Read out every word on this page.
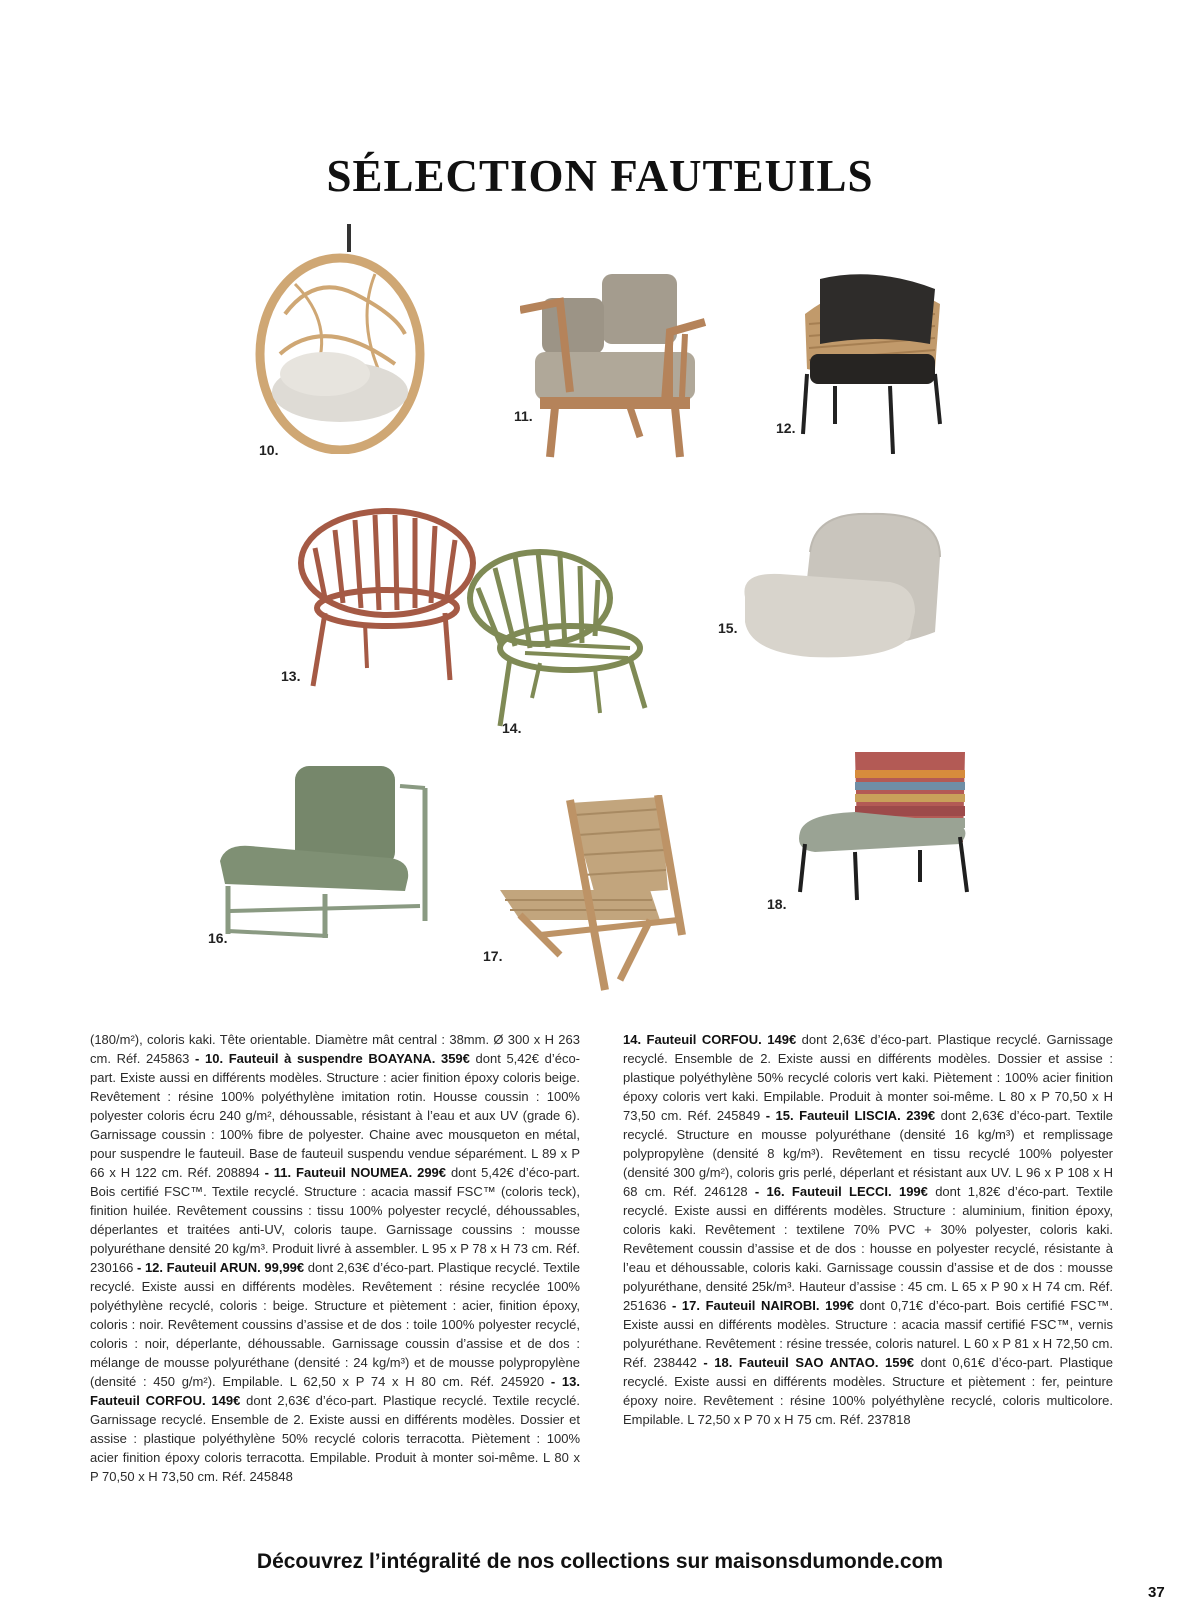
SÉLECTION FAUTEUILS
10.
11.
12.
13.
14.
15.
16.
17.
18.
(180/m²), coloris kaki. Tête orientable. Diamètre mât central : 38mm. Ø 300 x H 263 cm. Réf. 245863 - 10. Fauteuil à suspendre BOAYANA. 359€ dont 5,42€ d’éco-part. Existe aussi en différents modèles. Structure : acier finition époxy coloris beige. Revêtement : résine 100% polyéthylène imitation rotin. Housse coussin : 100% polyester coloris écru 240 g/m², déhoussable, résistant à l’eau et aux UV (grade 6). Garnissage coussin : 100% fibre de polyester. Chaine avec mousqueton en métal, pour suspendre le fauteuil. Base de fauteuil suspendu vendue séparément. L 89 x P 66 x H 122 cm. Réf. 208894 - 11. Fauteuil NOUMEA. 299€ dont 5,42€ d’éco-part. Bois certifié FSC™. Textile recyclé. Structure : acacia massif FSC™ (coloris teck), finition huilée. Revêtement coussins : tissu 100% polyester recyclé, déhoussables, déperlantes et traitées anti-UV, coloris taupe. Garnissage coussins : mousse polyuréthane densité 20 kg/m³. Produit livré à assembler. L 95 x P 78 x H 73 cm. Réf. 230166 - 12. Fauteuil ARUN. 99,99€ dont 2,63€ d’éco-part. Plastique recyclé. Textile recyclé. Existe aussi en différents modèles. Revêtement : résine recyclée 100% polyéthylène recyclé, coloris : beige. Structure et piètement : acier, finition époxy, coloris : noir. Revêtement coussins d’assise et de dos : toile 100% polyester recyclé, coloris : noir, déperlante, déhoussable. Garnissage coussin d’assise et de dos : mélange de mousse polyuréthane (densité : 24 kg/m³) et de mousse polypropylène (densité : 450 g/m²). Empilable. L 62,50 x P 74 x H 80 cm. Réf. 245920 - 13. Fauteuil CORFOU. 149€ dont 2,63€ d’éco-part. Plastique recyclé. Textile recyclé. Garnissage recyclé. Ensemble de 2. Existe aussi en différents modèles. Dossier et assise : plastique polyéthylène 50% recyclé coloris terracotta. Piètement : 100% acier finition époxy coloris terracotta. Empilable. Produit à monter soi-même. L 80 x P 70,50 x H 73,50 cm. Réf. 245848
14. Fauteuil CORFOU. 149€ dont 2,63€ d’éco-part. Plastique recyclé. Garnissage recyclé. Ensemble de 2. Existe aussi en différents modèles. Dossier et assise : plastique polyéthylène 50% recyclé coloris vert kaki. Piètement : 100% acier finition époxy coloris vert kaki. Empilable. Produit à monter soi-même. L 80 x P 70,50 x H 73,50 cm. Réf. 245849 - 15. Fauteuil LISCIA. 239€ dont 2,63€ d’éco-part. Textile recyclé. Structure en mousse polyuréthane (densité 16 kg/m³) et remplissage polypropylène (densité 8 kg/m³). Revêtement en tissu recyclé 100% polyester (densité 300 g/m²), coloris gris perlé, déperlant et résistant aux UV. L 96 x P 108 x H 68 cm. Réf. 246128 - 16. Fauteuil LECCI. 199€ dont 1,82€ d’éco-part. Textile recyclé. Existe aussi en différents modèles. Structure : aluminium, finition époxy, coloris kaki. Revêtement : textilene 70% PVC + 30% polyester, coloris kaki. Revêtement coussin d’assise et de dos : housse en polyester recyclé, résistante à l’eau et déhoussable, coloris kaki. Garnissage coussin d’assise et de dos : mousse polyuréthane, densité 25k/m³. Hauteur d’assise : 45 cm. L 65 x P 90 x H 74 cm. Réf. 251636 - 17. Fauteuil NAIROBI. 199€ dont 0,71€ d’éco-part. Bois certifié FSC™. Existe aussi en différents modèles. Structure : acacia massif certifié FSC™, vernis polyuréthane. Revêtement : résine tressée, coloris naturel. L 60 x P 81 x H 72,50 cm. Réf. 238442 - 18. Fauteuil SAO ANTAO. 159€ dont 0,61€ d’éco-part. Plastique recyclé. Existe aussi en différents modèles. Structure et piètement : fer, peinture époxy noire. Revêtement : résine 100% polyéthylène recyclé, coloris multicolore. Empilable. L 72,50 x P 70 x H 75 cm. Réf. 237818
Découvrez l’intégralité de nos collections sur maisonsdumonde.com
37
